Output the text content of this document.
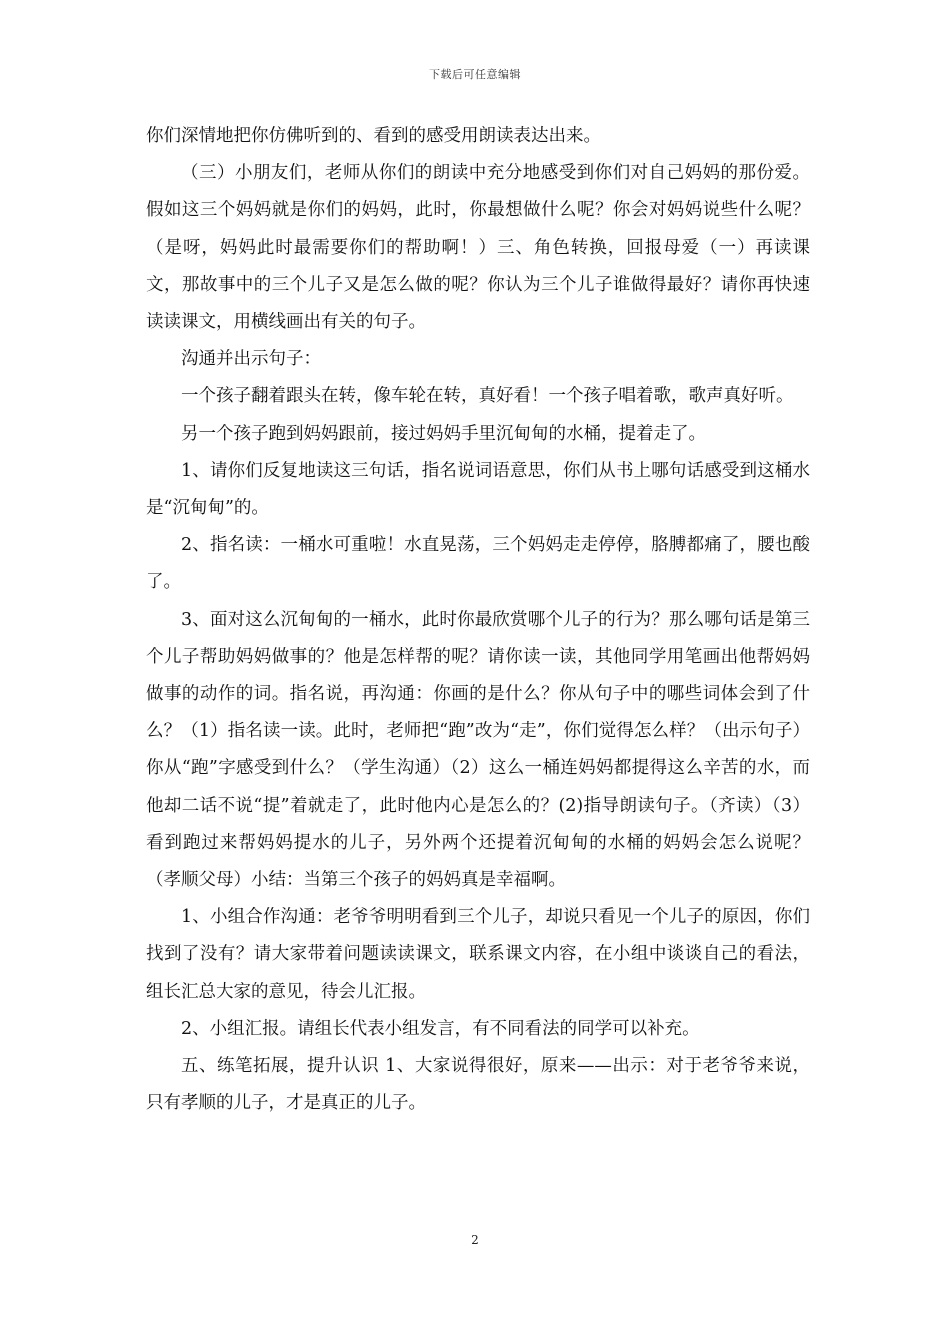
下载后可任意编辑

你们深情地把你仿佛听到的、看到的感受用朗读表达出来。

（三）小朋友们，老师从你们的朗读中充分地感受到你们对自己妈妈的那份爱。假如这三个妈妈就是你们的妈妈，此时，你最想做什么呢？你会对妈妈说些什么呢？（是呀，妈妈此时最需要你们的帮助啊！）三、角色转换，回报母爱（一）再读课文，那故事中的三个儿子又是怎么做的呢？你认为三个儿子谁做得最好？请你再快速读读课文，用横线画出有关的句子。

沟通并出示句子：

一个孩子翻着跟头在转，像车轮在转，真好看！一个孩子唱着歌，歌声真好听。

另一个孩子跑到妈妈跟前，接过妈妈手里沉甸甸的水桶，提着走了。

1、请你们反复地读这三句话，指名说词语意思，你们从书上哪句话感受到这桶水是“沉甸甸”的。

2、指名读：一桶水可重啦！水直晃荡，三个妈妈走走停停，胳膊都痛了，腰也酸了。

3、面对这么沉甸甸的一桶水，此时你最欣赏哪个儿子的行为？那么哪句话是第三个儿子帮助妈妈做事的？他是怎样帮的呢？请你读一读，其他同学用笔画出他帮妈妈做事的动作的词。指名说，再沟通：你画的是什么？你从句子中的哪些词体会到了什么？（1）指名读一读。此时，老师把“跑”改为“走”，你们觉得怎么样？（出示句子）你从“跑”字感受到什么？（学生沟通）（2）这么一桶连妈妈都提得这么辛苦的水，而他却二话不说“提”着就走了，此时他内心是怎么的？(2)指导朗读句子。（齐读）（3）看到跑过来帮妈妈提水的儿子，另外两个还提着沉甸甸的水桶的妈妈会怎么说呢？（孝顺父母）小结：当第三个孩子的妈妈真是幸福啊。

1、小组合作沟通：老爷爷明明看到三个儿子，却说只看见一个儿子的原因，你们找到了没有？请大家带着问题读读课文，联系课文内容，在小组中谈谈自己的看法，组长汇总大家的意见，待会儿汇报。

2、小组汇报。请组长代表小组发言，有不同看法的同学可以补充。

五、练笔拓展，提升认识 1、大家说得很好，原来——出示：对于老爷爷来说，只有孝顺的儿子，才是真正的儿子。

2
